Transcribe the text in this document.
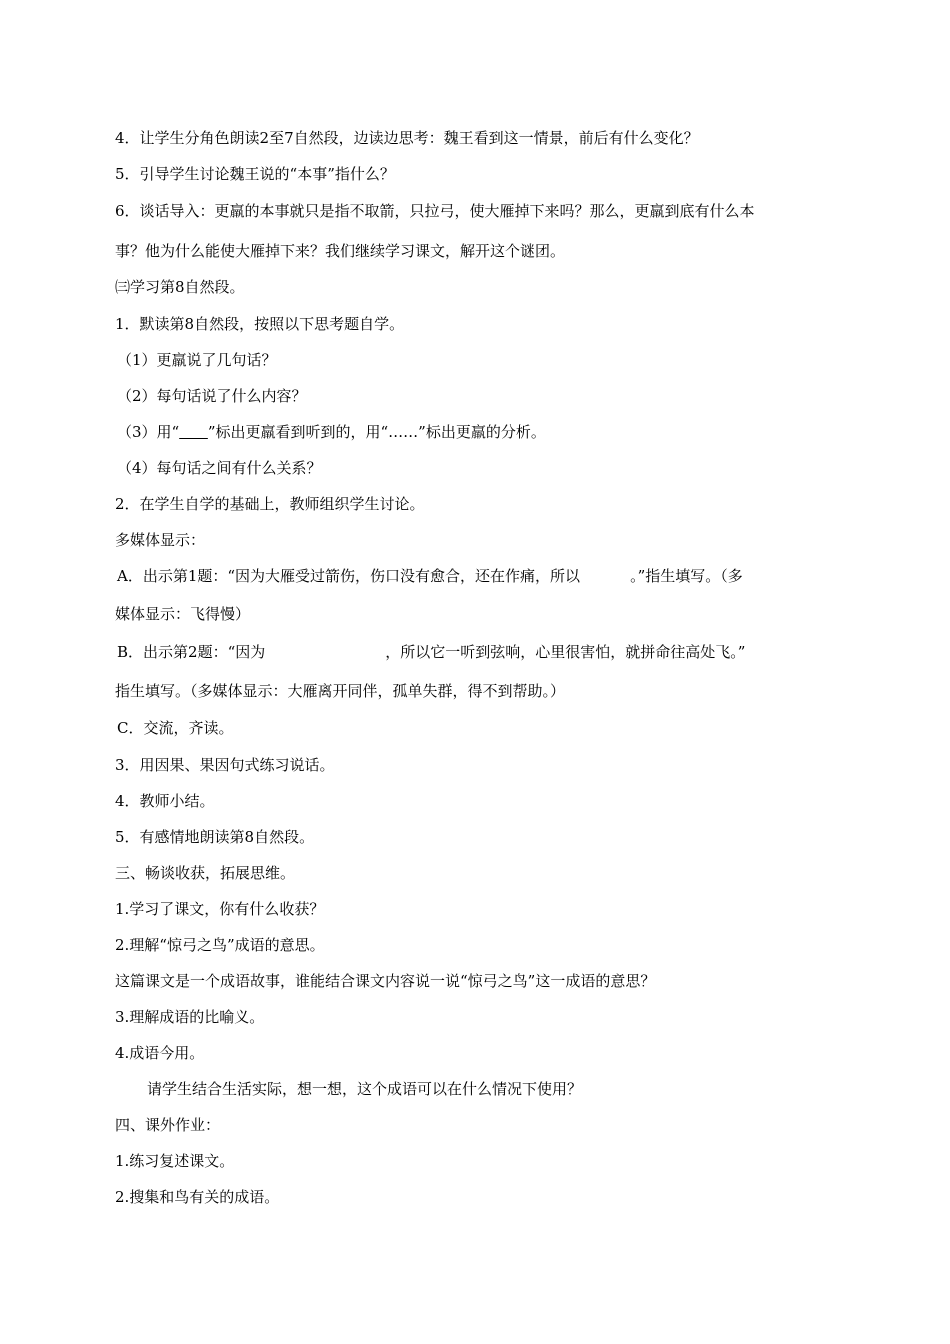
4．让学生分角色朗读2至7自然段，边读边思考：魏王看到这一情景，前后有什么变化？
5．引导学生讨论魏王说的“本事”指什么？
6．谈话导入：更羸的本事就只是指不取箭，只拉弓，使大雁掉下来吗？那么，更羸到底有什么本
事？他为什么能使大雁掉下来？我们继续学习课文，解开这个谜团。
㈢学习第8自然段。
1．默读第8自然段，按照以下思考题自学。
（1）更羸说了几句话？
（2）每句话说了什么内容？
（3）用“ ”标出更羸看到听到的，用“……”标出更羸的分析。
（4）每句话之间有什么关系？
2．在学生自学的基础上，教师组织学生讨论。
多媒体显示：
A．出示第1题：“因为大雁受过箭伤，伤口没有愈合，还在作痛，所以	。”指生填写。（多
媒体显示：飞得慢）
B．出示第2题：“因为	，所以它一听到弦响，心里很害怕，就拼命往高处飞。”
指生填写。（多媒体显示：大雁离开同伴，孤单失群，得不到帮助。）
C．交流，齐读。
3．用因果、果因句式练习说话。
4．教师小结。
5．有感情地朗读第8自然段。
三、畅谈收获，拓展思维。
1.学习了课文，你有什么收获？
2.理解“惊弓之鸟”成语的意思。
这篇课文是一个成语故事，谁能结合课文内容说一说“惊弓之鸟”这一成语的意思？
3.理解成语的比喻义。
4.成语今用。
请学生结合生活实际，想一想，这个成语可以在什么情况下使用？
四、课外作业：
1.练习复述课文。
2.搜集和鸟有关的成语。
